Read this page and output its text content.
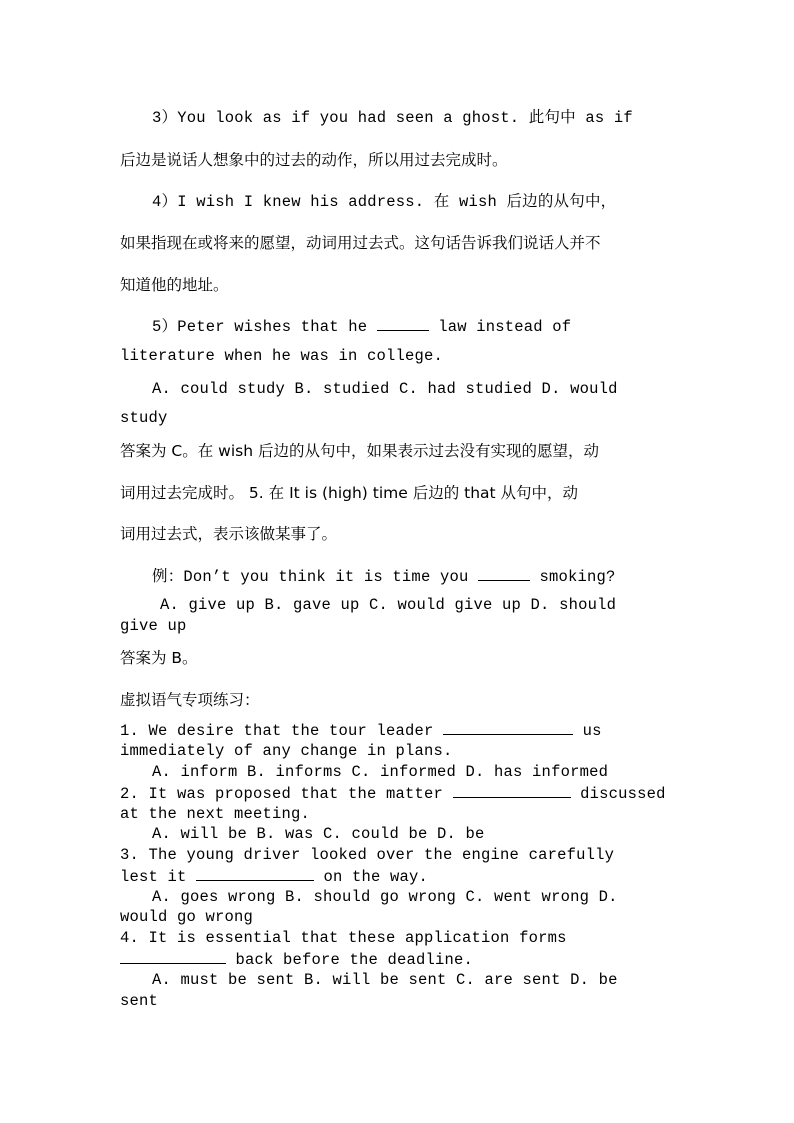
3）You look as if you had seen a ghost. 此句中 as if
后边是说话人想象中的过去的动作，所以用过去完成时。
4）I wish I knew his address. 在 wish 后边的从句中，
如果指现在或将来的愿望，动词用过去式。这句话告诉我们说话人并不
知道他的地址。
5）Peter wishes that he	law instead of
literature when he was in college.
A. could study B. studied C. had studied D. would
study
答案为 C。在 wish 后边的从句中，如果表示过去没有实现的愿望，动
词用过去完成时。 5. 在 It is (high) time 后边的 that 从句中，动
词用过去式，表示该做某事了。
例：Don’t you think it is time you	smoking?
A. give up B. gave up C. would give up D. should
give up
答案为 B。
虚拟语气专项练习：
1. We desire that the tour leader	us
immediately of any change in plans.
A. inform B. informs C. informed D. has informed
2. It was proposed that the matter	discussed
at the next meeting.
A. will be B. was C. could be D. be
3. The young driver looked over the engine carefully
lest it	on the way.
A. goes wrong B. should go wrong C. went wrong D.
would go wrong
4. It is essential that these application forms
back before the deadline.
A. must be sent B. will be sent C. are sent D. be
sent
